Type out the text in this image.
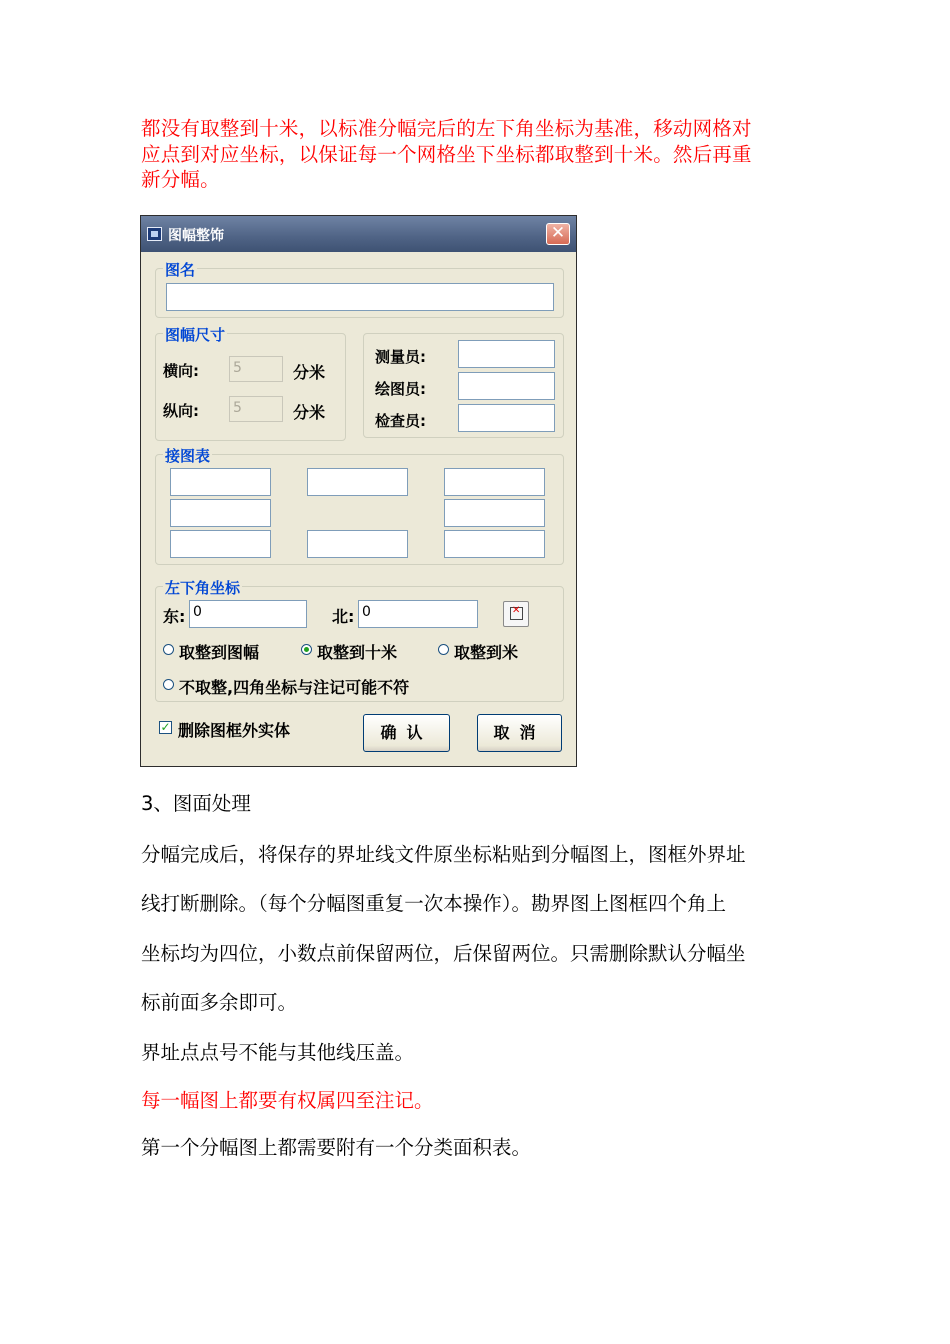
都没有取整到十米，以标准分幅完后的左下角坐标为基准，移动网格对
应点到对应坐标，以保证每一个网格坐下坐标都取整到十米。然后再重
新分幅。
图幅整饰	✕
图名
图幅尺寸
横向: 5	分米
纵向: 5	分米
测量员:
绘图员:
检查员:
接图表
左下角坐标
东: 0	北: 0	✕
取整到图幅	取整到十米	取整到米
不取整,四角坐标与注记可能不符
✓ 删除图框外实体	确认	取消
3、图面处理
分幅完成后，将保存的界址线文件原坐标粘贴到分幅图上，图框外界址
线打断删除。（每个分幅图重复一次本操作）。勘界图上图框四个角上
坐标均为四位，小数点前保留两位，后保留两位。只需删除默认分幅坐
标前面多余即可。
界址点点号不能与其他线压盖。
每一幅图上都要有权属四至注记。
第一个分幅图上都需要附有一个分类面积表。
